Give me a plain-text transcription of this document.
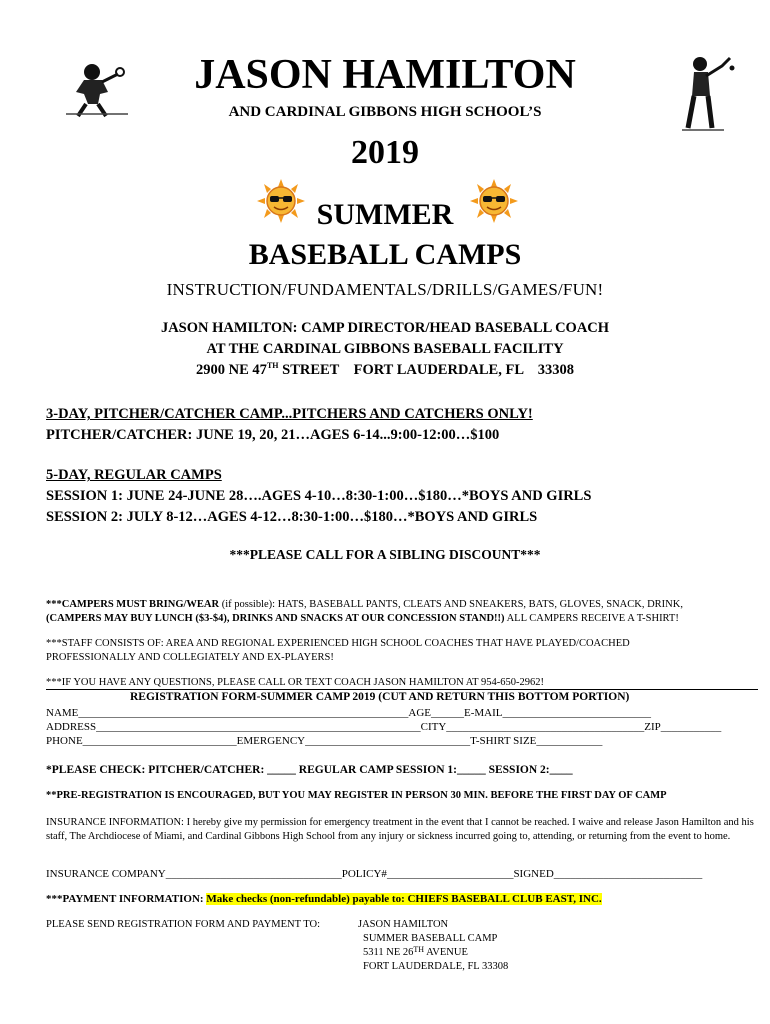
JASON HAMILTON
AND CARDINAL GIBBONS HIGH SCHOOL’S
2019
SUMMER
BASEBALL CAMPS
INSTRUCTION/FUNDAMENTALS/DRILLS/GAMES/FUN!
JASON HAMILTON: CAMP DIRECTOR/HEAD BASEBALL COACH
AT THE CARDINAL GIBBONS BASEBALL FACILITY
2900 NE 47TH STREET    FORT LAUDERDALE, FL    33308
3-DAY, PITCHER/CATCHER CAMP...PITCHERS AND CATCHERS ONLY!
PITCHER/CATCHER: JUNE 19, 20, 21…AGES 6-14...9:00-12:00…$100
5-DAY, REGULAR CAMPS
SESSION 1: JUNE 24-JUNE 28….AGES 4-10…8:30-1:00…$180…*BOYS AND GIRLS
SESSION 2: JULY 8-12…AGES 4-12…8:30-1:00…$180…*BOYS AND GIRLS
***PLEASE CALL FOR A SIBLING DISCOUNT***
***CAMPERS MUST BRING/WEAR (if possible): HATS, BASEBALL PANTS, CLEATS AND SNEAKERS, BATS, GLOVES, SNACK, DRINK,
(CAMPERS MAY BUY LUNCH ($3-$4), DRINKS AND SNACKS AT OUR CONCESSION STAND!!) ALL CAMPERS RECEIVE A T-SHIRT!
***STAFF CONSISTS OF: AREA AND REGIONAL EXPERIENCED HIGH SCHOOL COACHES THAT HAVE PLAYED/COACHED PROFESSIONALLY AND COLLEGIATELY AND EX-PLAYERS!
***IF YOU HAVE ANY QUESTIONS, PLEASE CALL OR TEXT COACH JASON HAMILTON AT 954-650-2962!
REGISTRATION FORM-SUMMER CAMP 2019 (CUT AND RETURN THIS BOTTOM PORTION)
NAME____________________________________________________________AGE______E-MAIL___________________________
ADDRESS___________________________________________________________CITY____________________________________ZIP___________
PHONE____________________________EMERGENCY______________________________T-SHIRT SIZE____________
*PLEASE CHECK: PITCHER/CATCHER: _____ REGULAR CAMP SESSION 1:_____ SESSION 2:____
**PRE-REGISTRATION IS ENCOURAGED, BUT YOU MAY REGISTER IN PERSON 30 MIN. BEFORE THE FIRST DAY OF CAMP
INSURANCE INFORMATION: I hereby give my permission for emergency treatment in the event that I cannot be reached. I waive and release Jason Hamilton and his staff, The Archdiocese of Miami, and Cardinal Gibbons High School from any injury or sickness incurred going to, attending, or returning from the event to home.
INSURANCE COMPANY________________________________POLICY#_______________________SIGNED___________________________
***PAYMENT INFORMATION: Make checks (non-refundable) payable to: CHIEFS BASEBALL CLUB EAST, INC.
PLEASE SEND REGISTRATION FORM AND PAYMENT TO:	JASON HAMILTON
SUMMER BASEBALL CAMP
5311 NE 26TH AVENUE
FORT LAUDERDALE, FL 33308
